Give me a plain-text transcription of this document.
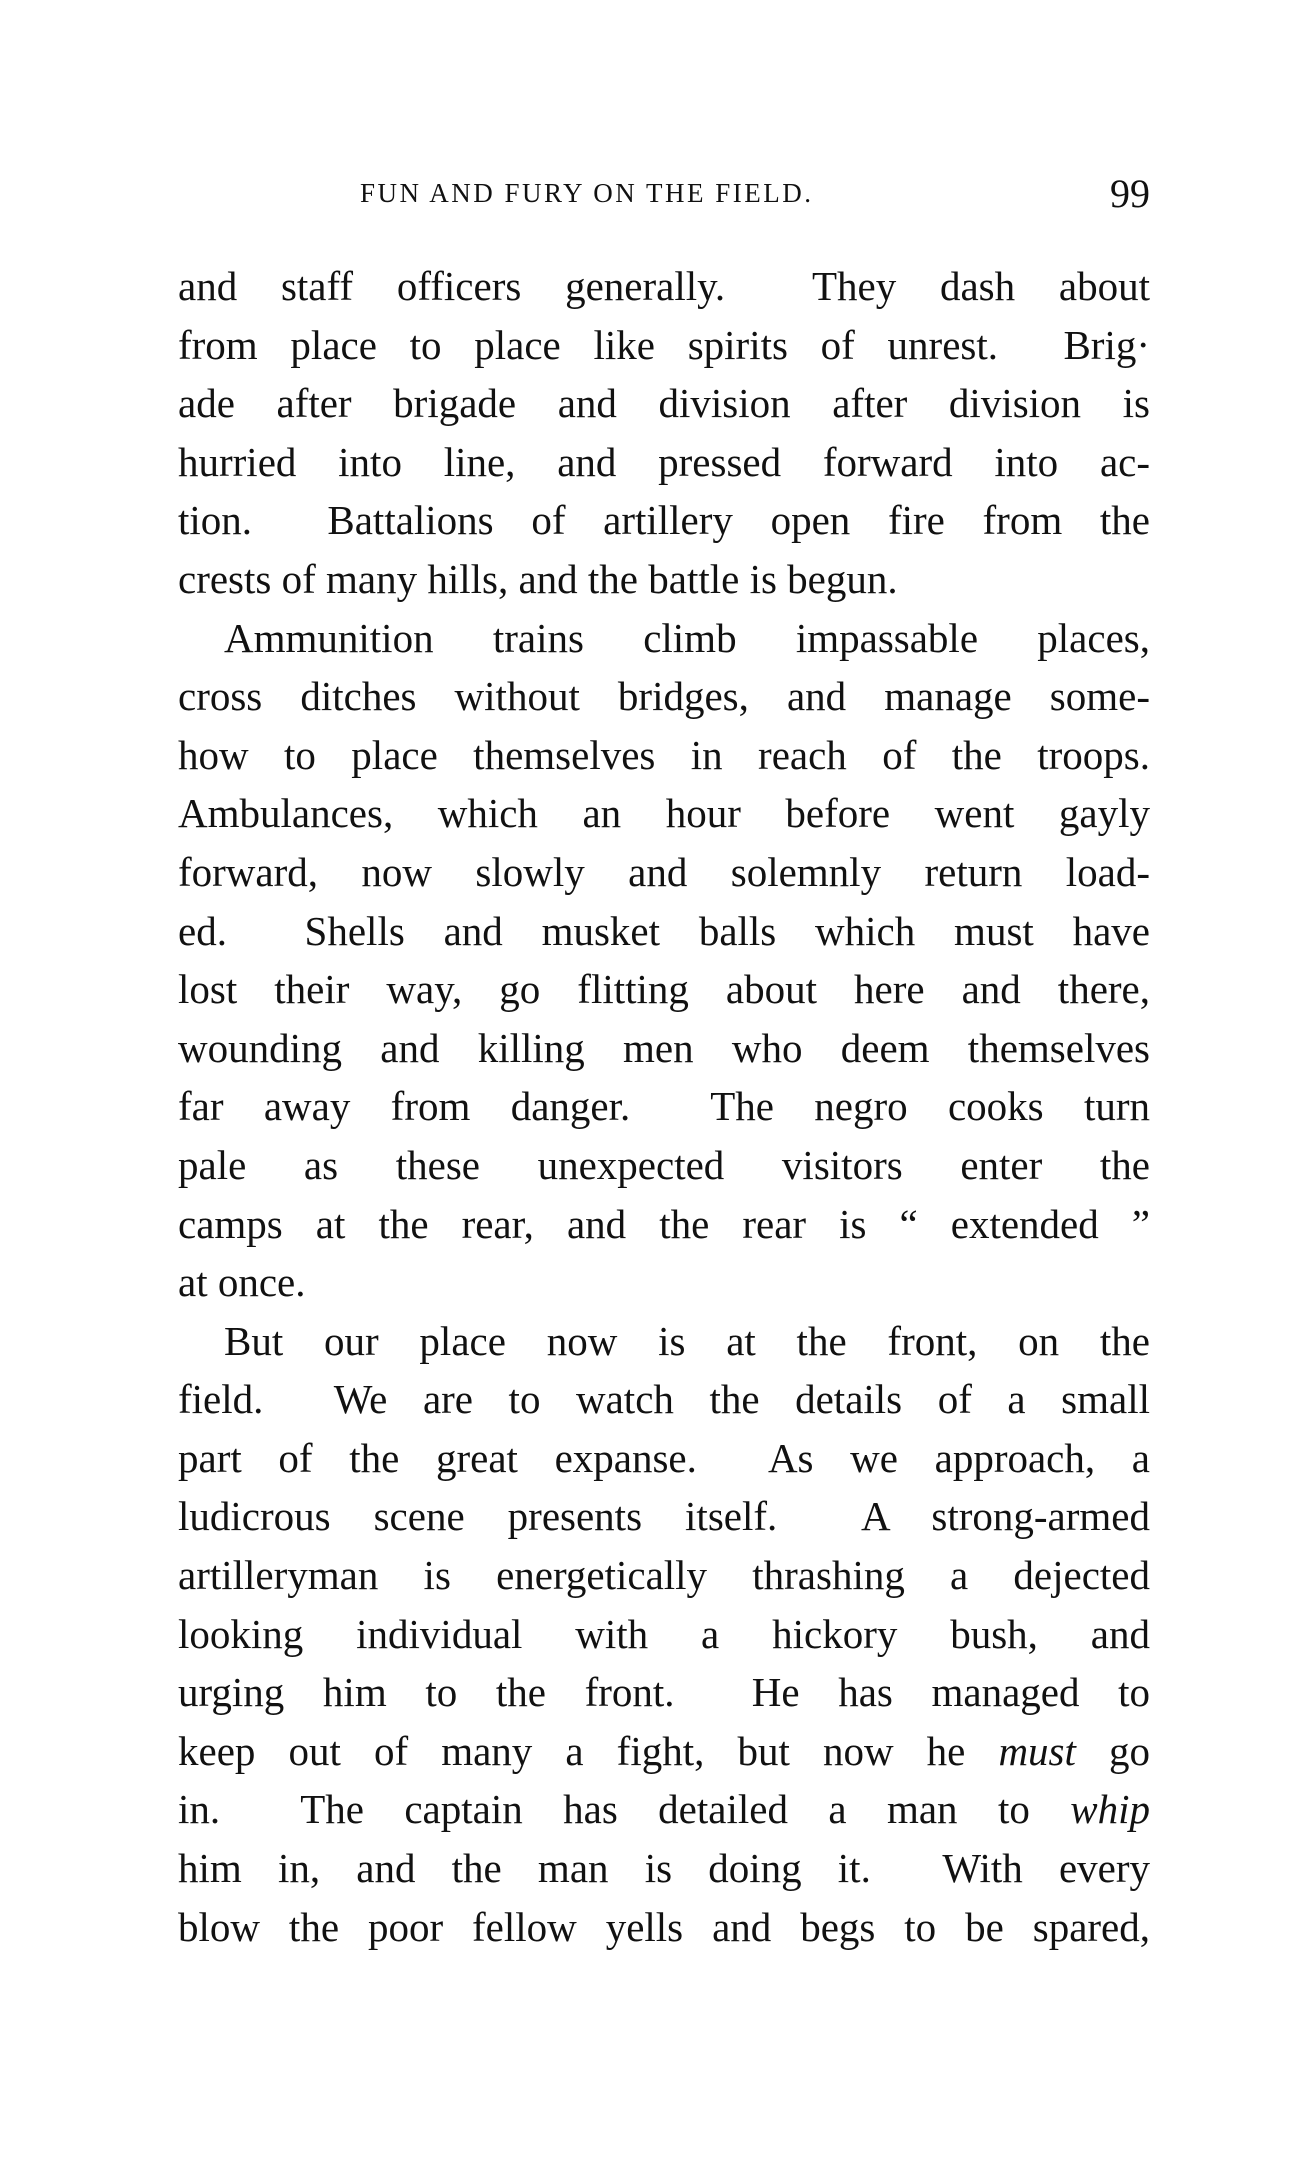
FUN AND FURY ON THE FIELD.	99
and staff officers generally.  They dash about
from place to place like spirits of unrest.  Brig·
ade after brigade and division after division is
hurried into line, and pressed forward into ac-
tion.  Battalions of artillery open fire from the
crests of many hills, and the battle is begun.
Ammunition trains climb impassable places,
cross ditches without bridges, and manage some-
how to place themselves in reach of the troops.
Ambulances, which an hour before went gayly
forward, now slowly and solemnly return load-
ed.  Shells and musket balls which must have
lost their way, go flitting about here and there,
wounding and killing men who deem themselves
far away from danger.  The negro cooks turn
pale as these unexpected visitors enter the
camps at the rear, and the rear is “ extended ”
at once.
But our place now is at the front, on the
field.  We are to watch the details of a small
part of the great expanse.  As we approach, a
ludicrous scene presents itself.  A strong-armed
artilleryman is energetically thrashing a dejected
looking individual with a hickory bush, and
urging him to the front.  He has managed to
keep out of many a fight, but now he must go
in.  The captain has detailed a man to whip
him in, and the man is doing it.  With every
blow the poor fellow yells and begs to be spared,
